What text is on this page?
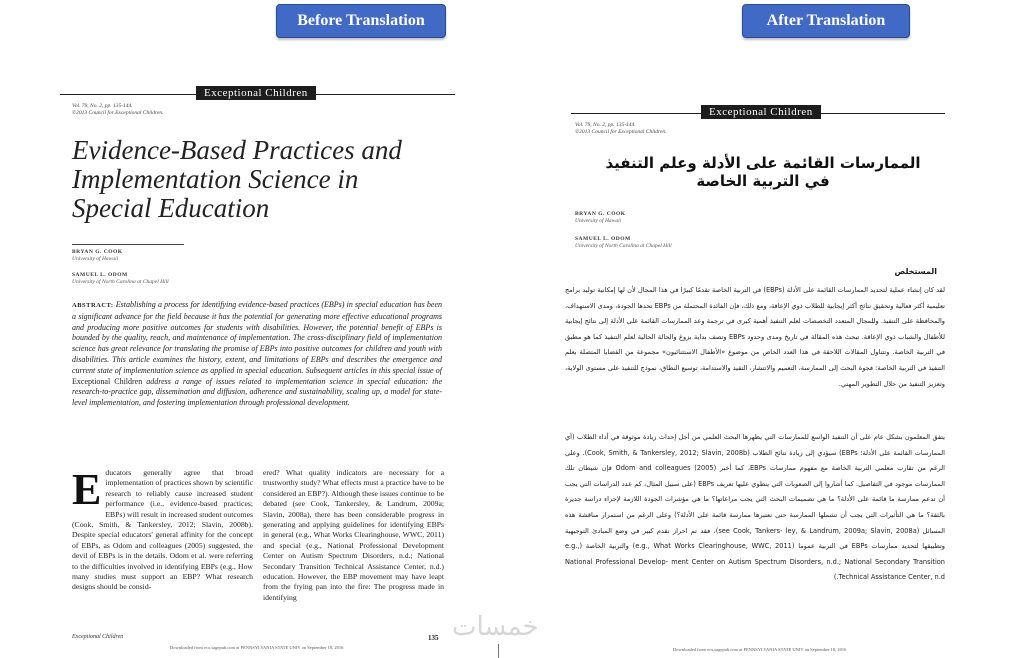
Before Translation	After Translation
Exceptional Children
Vol. 79, No. 2, pp. 135-144.
©2013 Council for Exceptional Children.
Evidence-Based Practices and Implementation Science in Special Education
BRYAN G. COOK
University of Hawaii
SAMUEL L. ODOM
University of North Carolina at Chapel Hill
ABSTRACT: Establishing a process for identifying evidence-based practices (EBPs) in special education has been a significant advance for the field because it has the potential for generating more effective educational programs and producing more positive outcomes for students with disabilities. However, the potential benefit of EBPs is bounded by the quality, reach, and maintenance of implementation. The cross-disciplinary field of implementation science has great relevance for translating the promise of EBPs into positive outcomes for children and youth with disabilities. This article examines the history, extent, and limitations of EBPs and describes the emergence and current state of implementation science as applied in special education. Subsequent articles in this special issue of Exceptional Children address a range of issues related to implementation science in special education: the research-to-practice gap, dissemination and diffusion, adherence and sustainability, scaling up, a model for state-level implementation, and fostering implementation through professional development.
E ducators generally agree that broad implementation of practices shown by scientific research to reliably cause increased student performance (i.e., evidence-based practices; EBPs) will result in increased student outcomes (Cook, Smith, & Tankersley, 2012; Slavin, 2008b). Despite special educators' general affinity for the concept of EBPs, as Odom and colleagues (2005) suggested, the devil of EBPs is in the details. Odom et al. were referring to the difficulties involved in identifying EBPs (e.g., How many studies must support an EBP? What research designs should be consid-
ered? What quality indicators are necessary for a trustworthy study? What effects must a practice have to be considered an EBP?). Although these issues continue to be debated (see Cook, Tankersley, & Landrum, 2009a; Slavin, 2008a), there has been considerable progress in generating and applying guidelines for identifying EBPs in general (e.g., What Works Clearinghouse, WWC, 2011) and special (e.g., National Professional Development Center on Autism Spectrum Disorders, n.d.; National Secondary Transition Technical Assistance Center, n.d.) education. However, the EBP movement may have leapt from the frying pan into the fire: The progress made in identifying
Exceptional Children
Downloaded from ecx.sagepub.com at PENNSYLVANIA STATE UNIV on September 18, 2016
135 خمسات
Exceptional Children
Vol. 79, No. 2, pp. 135-144.
©2013 Council for Exceptional Children.
الممارسات القائمة على الأدلة وعلم التنفيذ في التربية الخاصة
BRYAN G. COOK
University of Hawaii
SAMUEL L. ODOM
University of North Carolina at Chapel Hill
المستخلص
لقد كان إنشاء عملية لتحديد الممارسات القائمة على الأدلة (EBPs) في التربية الخاصة تقدمًا كبيرًا في هذا المجال لأن لها إمكانية توليد برامج تعليمية أكثر فعالية وتحقيق نتائج أكثر إيجابية للطلاب ذوي الإعاقة، ومع ذلك، فإن الفائدة المحتملة من EBPs تحدها الجودة، ومدى الاستهداف، والمحافظة على التنفيذ. وللمجال المتعدد التخصصات لعلم التنفيذ أهمية كبرى في ترجمة وعد الممارسات القائمة على الأدلة إلى نتائج إيجابية للأطفال والشباب ذوي الإعاقة. تبحث هذه المقالة في تاريخ ومدى وحدود EBPs وتصف بداية بزوغ والحالة الحالية لعلم التنفيذ كما هو مطبق في التربية الخاصة. وتتناول المقالات اللاحقة في هذا العدد الخاص من موضوع «الأطفال الاستثنائيون» مجموعة من القضايا المتصلة بعلم التنفيذ في التربية الخاصة: فجوة البحث إلى الممارسة، التعميم والانتشار، التقيد والاستدامة، توسيع النطاق، نموذج للتنفيذ على مستوى الولاية، وتعزيز التنفيذ من خلال التطوير المهني.
يتفق المعلمون بشكل عام على أن التنفيذ الواسع للممارسات التي يظهرها البحث العلمي من أجل إحداث زيادة موثوقة في أداء الطلاب (أي الممارسات القائمة على الأدلة؛ EBPs) سيؤدي إلى زيادة نتائج الطلاب (Cook, Smith, & Tankersley, 2012; Slavin, 2008b). وعلى الرغم من تقارب معلمي التربية الخاصة مع مفهوم ممارسات EBPs، كما أخبر Odom and colleagues (2005) فإن شيطان تلك الممارسات موجود في التفاصيل. كما أشاروا إلى الصعوبات التي ينطوي عليها تعريف EBPs (على سبيل المثال، كم عدد الدراسات التي يجب أن تدعم ممارسة ما قائمة على الأدلة؟ ما هي تصميمات البحث التي يجب مراعاتها؟ ما هي مؤشرات الجودة اللازمة لإجراء دراسة جديرة بالثقة؟ ما هي التأثيرات التي يجب أن تشملها الممارسة حتى نعتبرها ممارسة قائمة على الأدلة؟) وعلى الرغم من استمرار مناقشة هذه المسائل (see Cook, Tankers- ley, & Landrum, 2009a; Slavin, 2008a)، فقد تم احراز تقدم كبير في وضع المبادئ التوجيهية وتطبيقها لتحديد ممارسات EBPs في التربية عموما (e.g., What Works Clearinghouse, WWC, 2011) والتربية الخاصة (e.g., National Professional Develop- ment Center on Autism Spectrum Disorders, n.d.; National Secondary Transition Technical Assistance Center, n.d.)
Downloaded from ecx.sagepub.com at PENNSYLVANIA STATE UNIV on September 18, 2016
